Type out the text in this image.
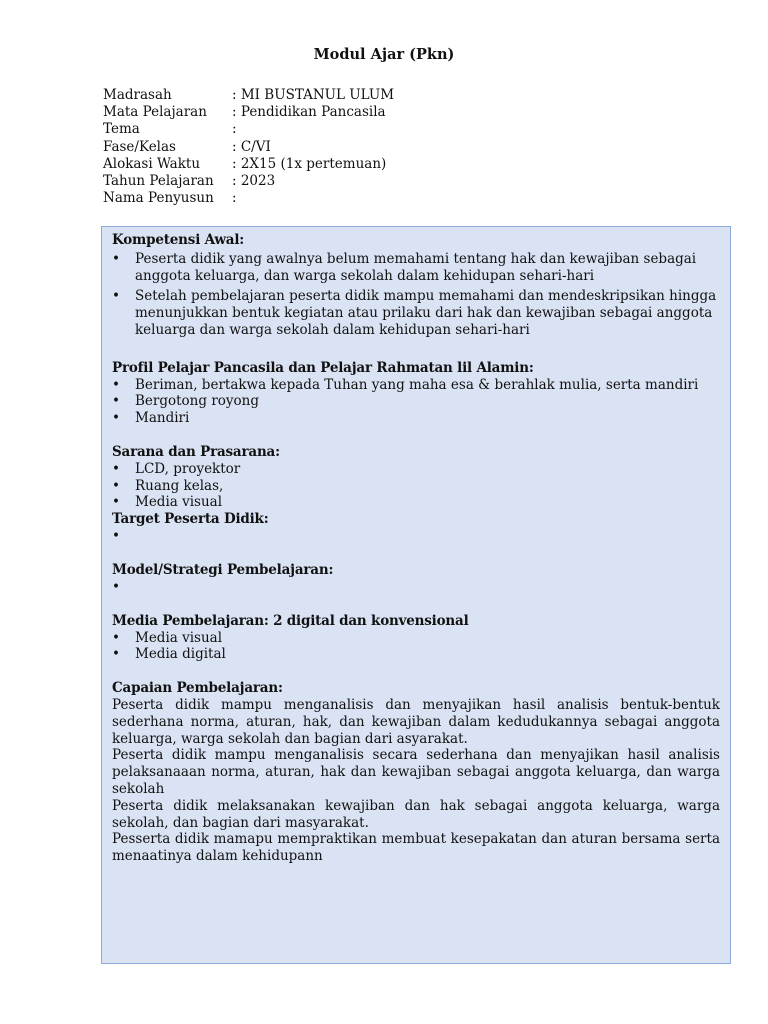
Modul Ajar (Pkn)
Madrasah	: MI BUSTANUL ULUM
Mata Pelajaran	: Pendidikan Pancasila
Tema	:
Fase/Kelas	: C/VI
Alokasi Waktu	: 2X15 (1x pertemuan)
Tahun Pelajaran	: 2023
Nama Penyusun	:
Kompetensi Awal:
• Peserta didik yang awalnya belum memahami tentang hak dan kewajiban sebagai anggota keluarga, dan warga sekolah dalam kehidupan sehari-hari
• Setelah pembelajaran peserta didik mampu memahami dan mendeskripsikan hingga menunjukkan bentuk kegiatan atau prilaku dari hak dan kewajiban sebagai anggota keluarga dan warga sekolah dalam kehidupan sehari-hari
Profil Pelajar Pancasila dan Pelajar Rahmatan lil Alamin:
• Beriman, bertakwa kepada Tuhan yang maha esa & berahlak mulia, serta mandiri
• Bergotong royong
• Mandiri
Sarana dan Prasarana:
• LCD, proyektor
• Ruang kelas,
• Media visual
Target Peserta Didik:
•
Model/Strategi Pembelajaran:
•
Media Pembelajaran: 2 digital dan konvensional
• Media visual
• Media digital
Capaian Pembelajaran:
Peserta didik mampu menganalisis dan menyajikan hasil analisis bentuk-bentuk sederhana norma, aturan, hak, dan kewajiban dalam kedudukannya sebagai anggota keluarga, warga sekolah dan bagian dari asyarakat.
Peserta didik mampu menganalisis secara sederhana dan menyajikan hasil analisis pelaksanaaan norma, aturan, hak dan kewajiban sebagai anggota keluarga, dan warga sekolah
Peserta didik melaksanakan kewajiban dan hak sebagai anggota keluarga, warga sekolah, dan bagian dari masyarakat.
Pesserta didik mamapu mempraktikan membuat kesepakatan dan aturan bersama serta menaatinya dalam kehidupann
